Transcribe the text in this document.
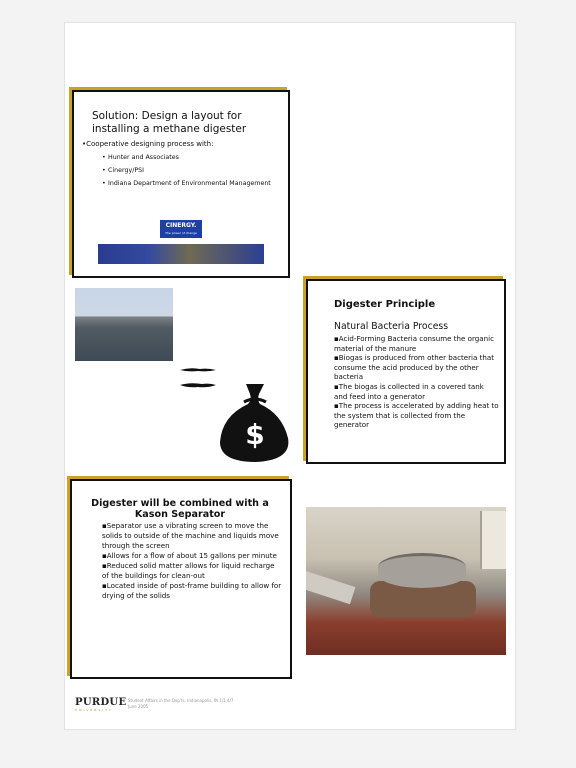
Solution: Design a layout for installing a methane digester
•Cooperative designing process with:
• Hunter and Associates
• Cinergy/PSI
• Indiana Department of Environmental Management
CINERGY.
The power of change
$
Digester Principle
Natural Bacteria Process

▪Acid-Forming Bacteria consume the organic material of the manure

▪Biogas is produced from other bacteria that consume the acid produced by the other bacteria

▪The biogas is collected in a covered tank and feed into a generator

▪The process is accelerated by adding heat to the system that is collected from the generator

Digester will be combined with a Kason Separator

▪Separator use a vibrating screen to move the solids to outside of the machine and liquids move through the screen

▪Allows for a flow of about 15 gallons per minute

▪Reduced solid matter allows for liquid recharge of the buildings for clean-out

▪Located inside of post-frame building to allow for drying of the solids

PURDUE
UNIVERSITY
Student Affairs in the Dep'ts. Indianapolis, IN 1/1 4/7
June 2005
